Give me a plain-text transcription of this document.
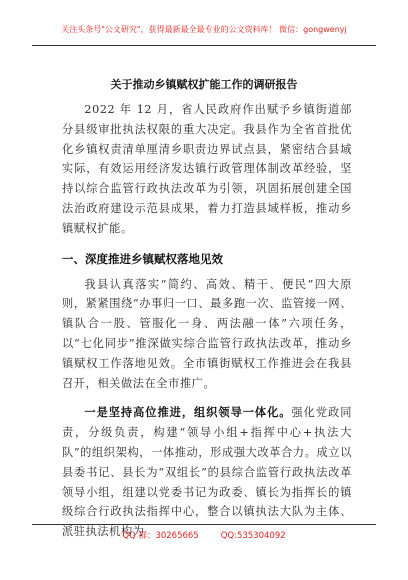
关注头条号"公文研究"，获得最新最全最专业的公文资料库！ 微信：gongwenyj
关于推动乡镇赋权扩能工作的调研报告

2022 年 12 月，省人民政府作出赋予乡镇街道部分县级审批执法权限的重大决定。我县作为全省首批优化乡镇权责清单厘清乡职责边界试点县，紧密结合县域实际，有效运用经济发达镇行政管理体制改革经验，坚持以综合监管行政执法改革为引领，巩固拓展创建全国法治政府建设示范县成果，着力打造县域样板，推动乡镇赋权扩能。

一、深度推进乡镇赋权落地见效

我县认真落实“简约、高效、精干、便民”四大原则，紧紧围绕“办事归一口、最多跑一次、监管接一网、镇队合一股、管服化一身、两法融一体”六项任务，以“七化同步”推深做实综合监管行政执法改革，推动乡镇赋权工作落地见效。全市镇街赋权工作推进会在我县召开，相关做法在全市推广。

一是坚持高位推进，组织领导一体化。强化党政同责，分级负责，构建“领导小组+指挥中心+执法大队”的组织架构，一体推动，形成强大改革合力。成立以县委书记、县长为“双组长”的县综合监管行政执法改革领导小组，组建以党委书记为政委、镇长为指挥长的镇级综合行政执法指挥中心，整合以镇执法大队为主体、派驻执法机构为

QQ 群：30265665	QQ:535304092
